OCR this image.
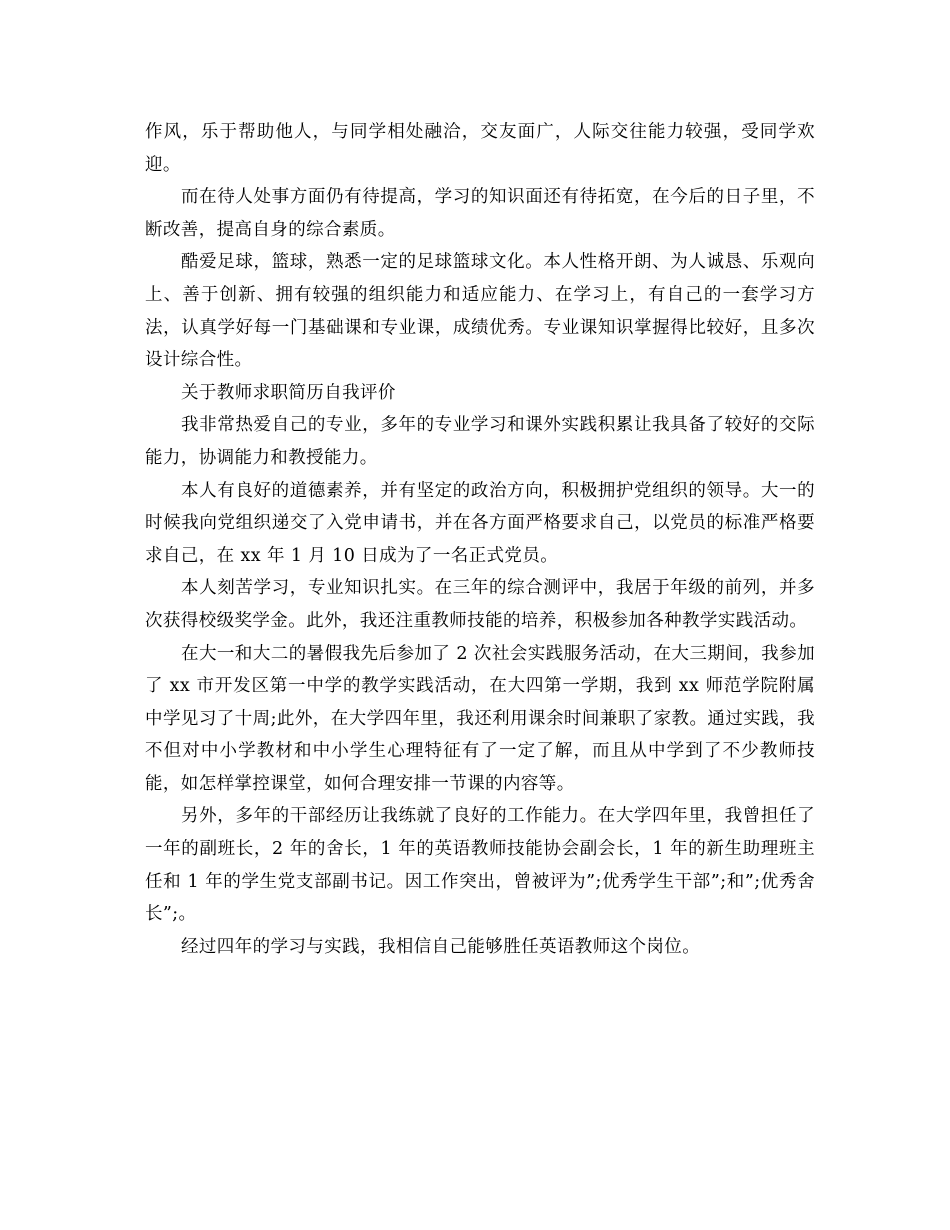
作风，乐于帮助他人，与同学相处融洽，交友面广，人际交往能力较强，受同学欢迎。

而在待人处事方面仍有待提高，学习的知识面还有待拓宽，在今后的日子里，不断改善，提高自身的综合素质。

酷爱足球，篮球，熟悉一定的足球篮球文化。本人性格开朗、为人诚恳、乐观向上、善于创新、拥有较强的组织能力和适应能力、在学习上，有自己的一套学习方法，认真学好每一门基础课和专业课，成绩优秀。专业课知识掌握得比较好，且多次设计综合性。

关于教师求职简历自我评价

我非常热爱自己的专业，多年的专业学习和课外实践积累让我具备了较好的交际能力，协调能力和教授能力。

本人有良好的道德素养，并有坚定的政治方向，积极拥护党组织的领导。大一的时候我向党组织递交了入党申请书，并在各方面严格要求自己，以党员的标准严格要求自己，在 xx 年 1 月 10 日成为了一名正式党员。

本人刻苦学习，专业知识扎实。在三年的综合测评中，我居于年级的前列，并多次获得校级奖学金。此外，我还注重教师技能的培养，积极参加各种教学实践活动。

在大一和大二的暑假我先后参加了 2 次社会实践服务活动，在大三期间，我参加了 xx 市开发区第一中学的教学实践活动，在大四第一学期，我到 xx 师范学院附属中学见习了十周;此外，在大学四年里，我还利用课余时间兼职了家教。通过实践，我不但对中小学教材和中小学生心理特征有了一定了解，而且从中学到了不少教师技能，如怎样掌控课堂，如何合理安排一节课的内容等。

另外，多年的干部经历让我练就了良好的工作能力。在大学四年里，我曾担任了一年的副班长，2 年的舍长，1 年的英语教师技能协会副会长，1 年的新生助理班主任和 1 年的学生党支部副书记。因工作突出，曾被评为”;优秀学生干部”;和”;优秀舍长”;。

经过四年的学习与实践，我相信自己能够胜任英语教师这个岗位。
